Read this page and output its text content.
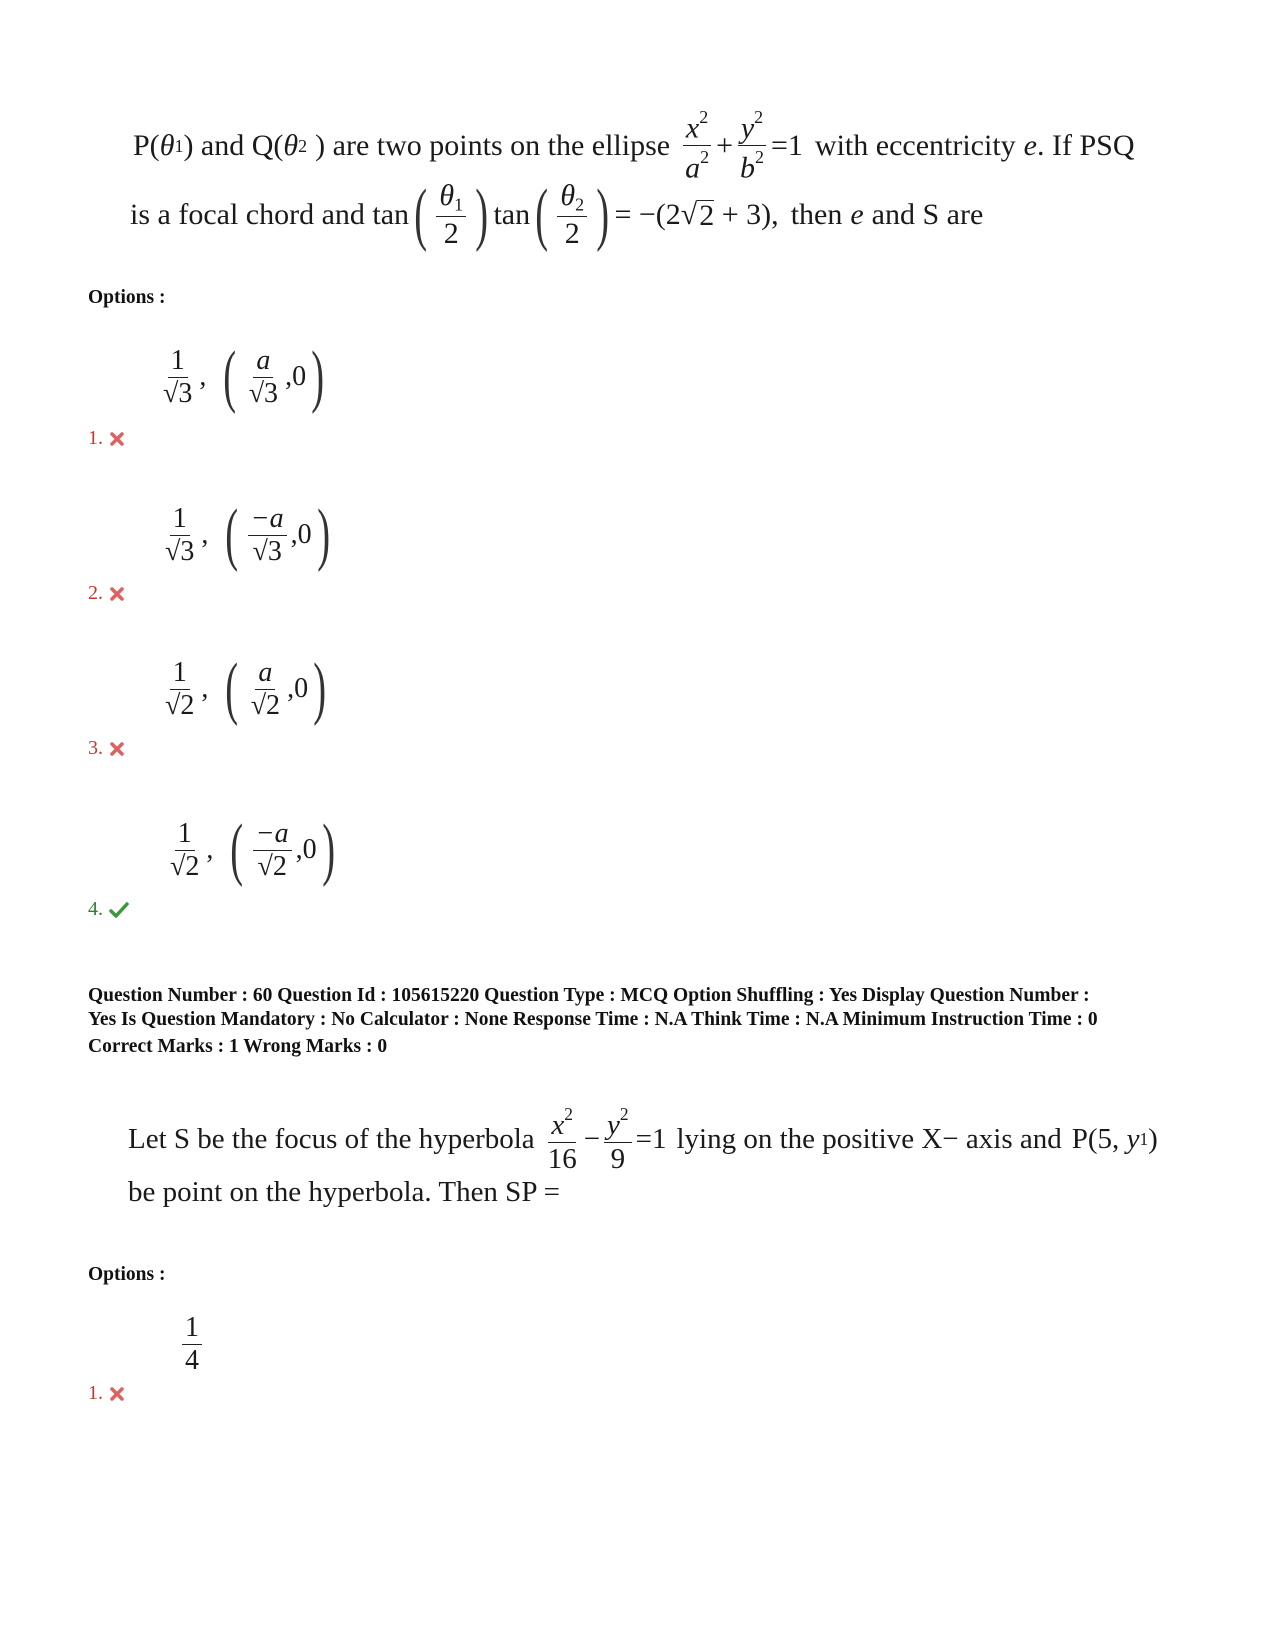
P( θ 1 ) and Q( θ 2 ) are two points on the ellipse $\frac{x^2}{a^2} + \frac{y^2}{b^2} =1$ with eccentricity e . If PSQ
is a focal chord and tan ( $\frac{\theta_1}{2}$ ) tan ( $\frac{\theta_2}{2}$ ) = −(2 √ 2 + 3), then e and S are
Options :
$\frac{1}{√3}$ , ( $\frac{a}{√3} ,0$ )
1.
$\frac{1}{√3}$ , ( $\frac{-a}{√3} ,0$ )
2.
$\frac{1}{√2}$ , ( $\frac{a}{√2} ,0$ )
3.
$\frac{1}{√2}$ , ( $\frac{-a}{√2} ,0$ )
4.
Question Number : 60 Question Id : 105615220 Question Type : MCQ Option Shuffling : Yes Display Question Number :
Yes Is Question Mandatory : No Calculator : None Response Time : N.A Think Time : N.A Minimum Instruction Time : 0
Correct Marks : 1 Wrong Marks : 0
Let S be the focus of the hyperbola $\frac{x^2}{16} - \frac{y^2}{9} =1$ lying on the positive X− axis and P (5, y 1 )
be point on the hyperbola. Then SP =
Options :
$\frac{1}{4}$
1.
